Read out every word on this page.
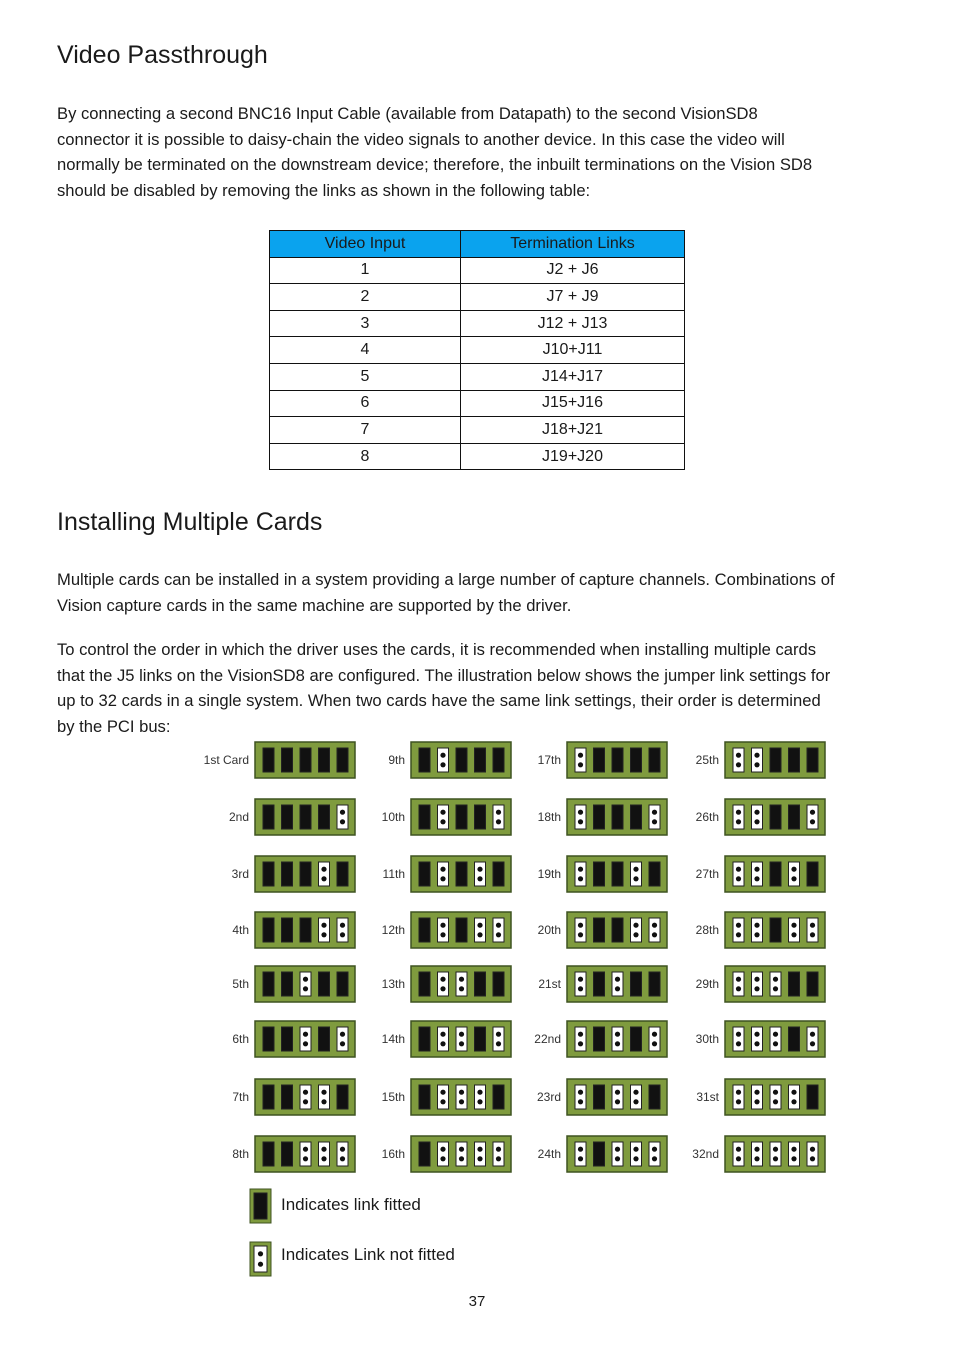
Video Passthrough

By connecting a second BNC16 Input Cable (available from Datapath) to the second VisionSD8
connector it is possible to daisy-chain the video signals to another device. In this case the video will
normally be terminated on the downstream device; therefore, the inbuilt terminations on the Vision SD8
should be disabled by removing the links as shown in the following table:

Video Input	Termination Links
1	J2 + J6
2	J7 + J9
3	J12 + J13
4	J10+J11
5	J14+J17
6	J15+J16
7	J18+J21
8	J19+J20
Installing Multiple Cards

Multiple cards can be installed in a system providing a large number of capture channels. Combinations of
Vision capture cards in the same machine are supported by the driver.

To control the order in which the driver uses the cards, it is recommended when installing multiple cards
that the J5 links on the VisionSD8 are configured. The illustration below shows the jumper link settings for
up to 32 cards in a single system. When two cards have the same link settings, their order is determined
by the PCI bus:

1st Card
2nd
3rd
4th
5th
6th
7th
8th
9th
10th
11th
12th
13th
14th
15th
16th
17th
18th
19th
20th
21st
22nd
23rd
24th
25th
26th
27th
28th
29th
30th
31st
32nd
Indicates link fitted
Indicates Link not fitted
37
